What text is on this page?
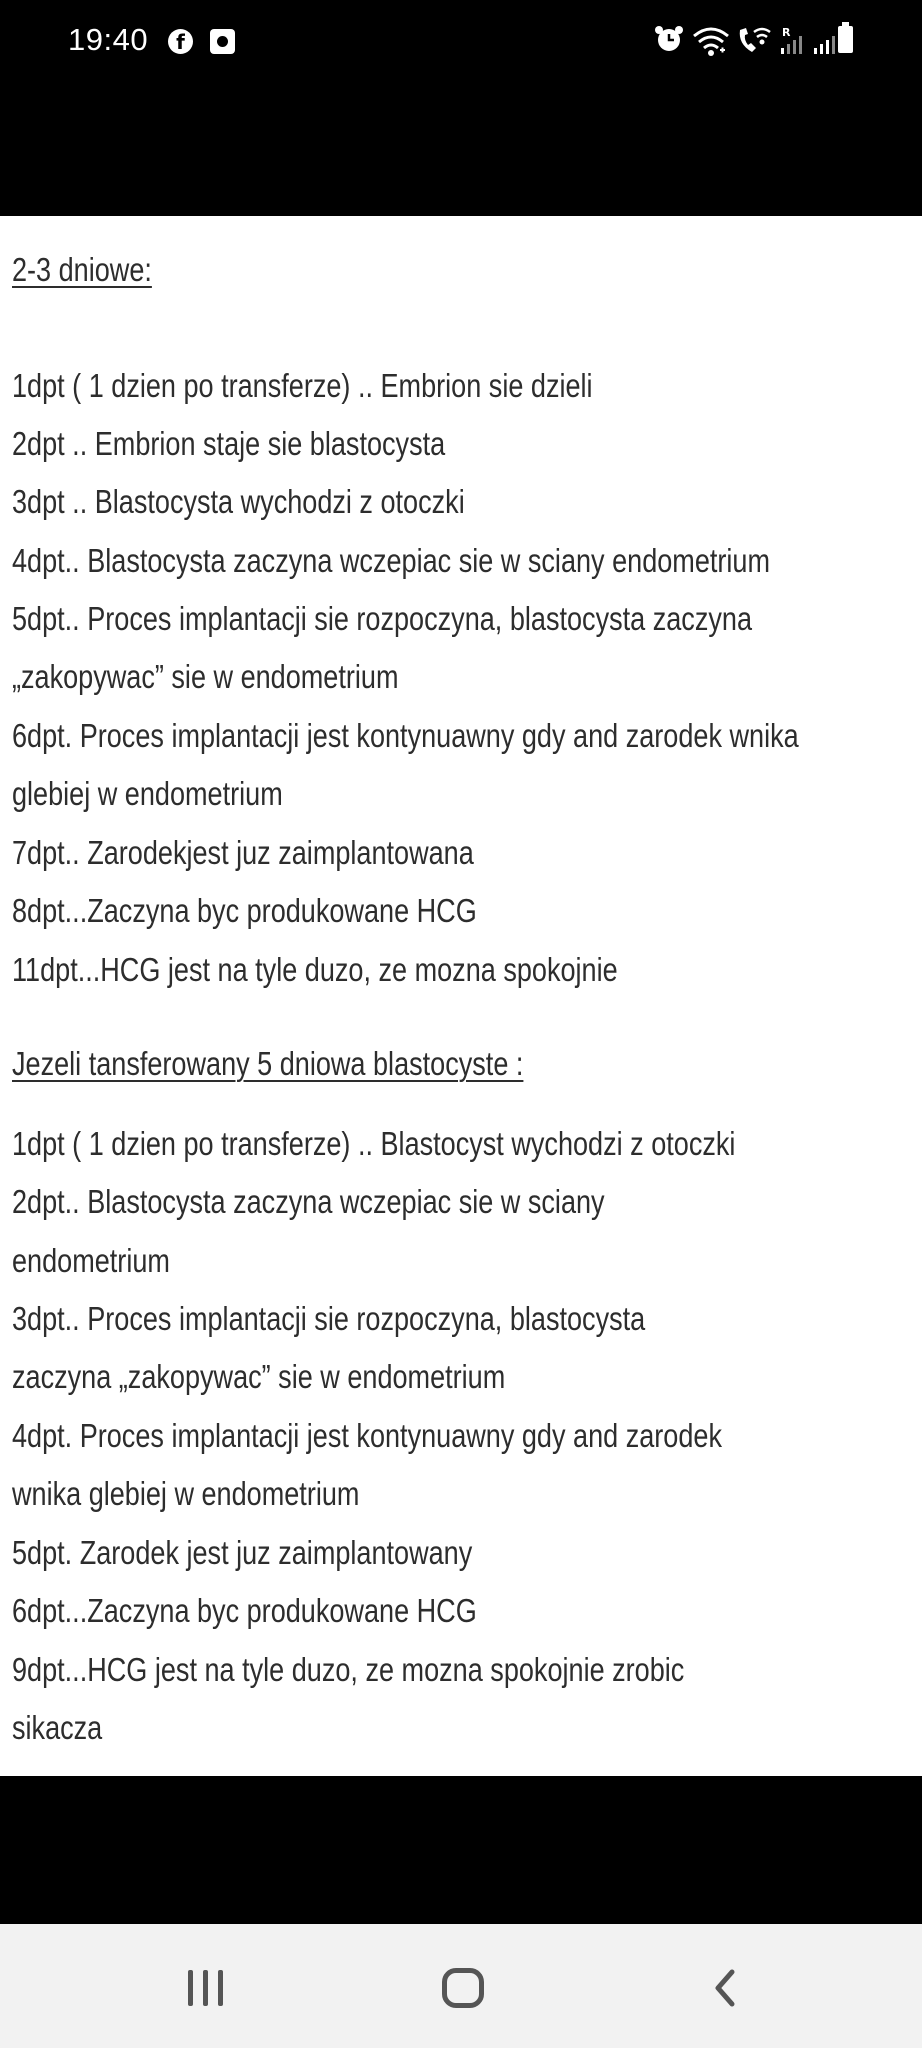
19:40	f	R
2-3 dniowe:
1dpt ( 1 dzien po transferze) .. Embrion sie dzieli
2dpt .. Embrion staje sie blastocysta
3dpt .. Blastocysta wychodzi z otoczki
4dpt.. Blastocysta zaczyna wczepiac sie w sciany endometrium
5dpt.. Proces implantacji sie rozpoczyna, blastocysta zaczyna
„zakopywac” sie w endometrium
6dpt. Proces implantacji jest kontynuawny gdy and zarodek wnika
glebiej w endometrium
7dpt.. Zarodekjest juz zaimplantowana
8dpt...Zaczyna byc produkowane HCG
11dpt...HCG jest na tyle duzo, ze mozna spokojnie
Jezeli tansferowany 5 dniowa blastocyste :
1dpt ( 1 dzien po transferze) .. Blastocyst wychodzi z otoczki
2dpt.. Blastocysta zaczyna wczepiac sie w sciany
endometrium
3dpt.. Proces implantacji sie rozpoczyna, blastocysta
zaczyna „zakopywac” sie w endometrium
4dpt. Proces implantacji jest kontynuawny gdy and zarodek
wnika glebiej w endometrium
5dpt. Zarodek jest juz zaimplantowany
6dpt...Zaczyna byc produkowane HCG
9dpt...HCG jest na tyle duzo, ze mozna spokojnie zrobic
sikacza
